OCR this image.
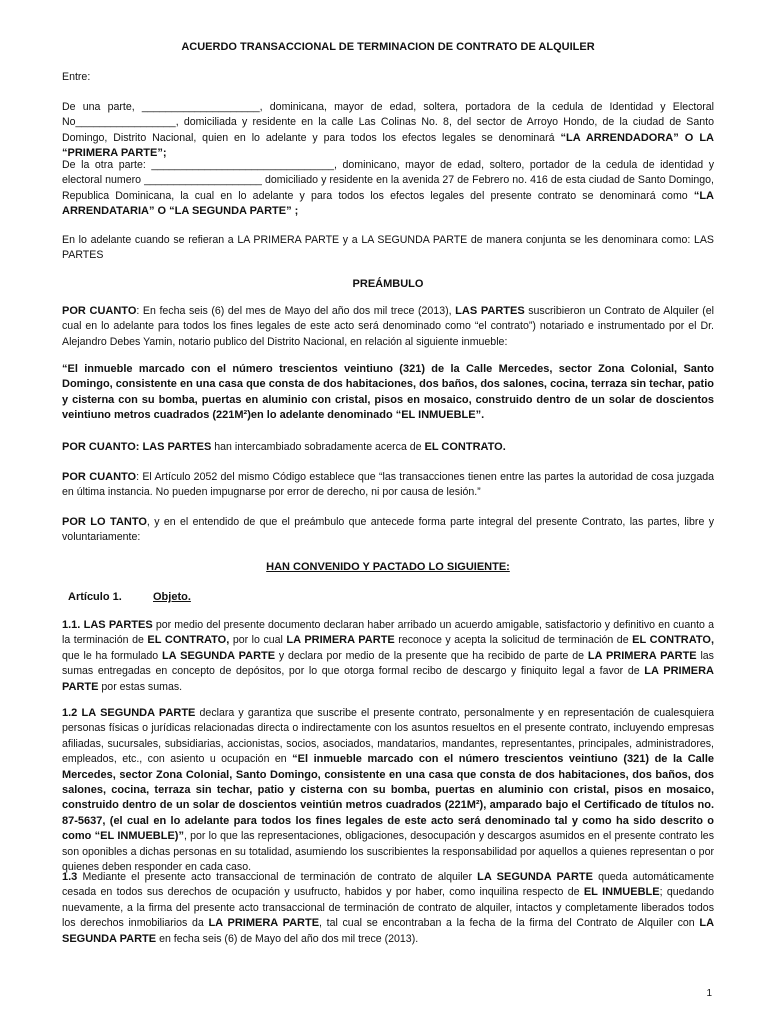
ACUERDO TRANSACCIONAL DE TERMINACION DE CONTRATO DE ALQUILER

Entre:

De una parte, ____________________, dominicana, mayor de edad, soltera, portadora de la cedula de Identidad y Electoral No_________________, domiciliada y residente en la calle Las Colinas No. 8, del sector de Arroyo Hondo, de la ciudad de Santo Domingo, Distrito Nacional, quien en lo adelante y para todos los efectos legales se denominará “LA ARRENDADORA” O LA “PRIMERA PARTE”;

De la otra parte: _______________________________, dominicano, mayor de edad, soltero, portador de la cedula de identidad y electoral numero ____________________ domiciliado y residente en la avenida 27 de Febrero no. 416 de esta ciudad de Santo Domingo, Republica Dominicana, la cual en lo adelante y para todos los efectos legales del presente contrato se denominará como “LA ARRENDATARIA” O “LA SEGUNDA PARTE” ;

En lo adelante cuando se refieran a LA PRIMERA PARTE y a LA SEGUNDA PARTE de manera conjunta se les denominara como: LAS PARTES

PREÁMBULO

POR CUANTO: En fecha seis (6) del mes de Mayo del año dos mil trece (2013), LAS PARTES suscribieron un Contrato de Alquiler (el cual en lo adelante para todos los fines legales de este acto será denominado como “el contrato”) notariado e instrumentado por el Dr. Alejandro Debes Yamin, notario publico del Distrito Nacional, en relación al siguiente inmueble:

“El inmueble marcado con el número trescientos veintiuno (321) de la Calle Mercedes, sector Zona Colonial, Santo Domingo, consistente en una casa que consta de dos habitaciones, dos baños, dos salones, cocina, terraza sin techar, patio y cisterna con su bomba, puertas en aluminio con cristal, pisos en mosaico, construido dentro de un solar de doscientos veintiuno metros cuadrados (221M²)en lo adelante denominado “EL INMUEBLE”.

POR CUANTO: LAS PARTES han intercambiado sobradamente acerca de EL CONTRATO.

POR CUANTO: El Artículo 2052 del mismo Código establece que “las transacciones tienen entre las partes la autoridad de cosa juzgada en última instancia. No pueden impugnarse por error de derecho, ni por causa de lesión.”

POR LO TANTO, y en el entendido de que el preámbulo que antecede forma parte integral del presente Contrato, las partes, libre y voluntariamente:

HAN CONVENIDO Y PACTADO LO SIGUIENTE:

Artículo 1.	Objeto.

1.1. LAS PARTES por medio del presente documento declaran haber arribado un acuerdo amigable, satisfactorio y definitivo en cuanto a la terminación de EL CONTRATO, por lo cual LA PRIMERA PARTE reconoce y acepta la solicitud de terminación de EL CONTRATO, que le ha formulado LA SEGUNDA PARTE y declara por medio de la presente que ha recibido de parte de LA PRIMERA PARTE las sumas entregadas en concepto de depósitos, por lo que otorga formal recibo de descargo y finiquito legal a favor de LA PRIMERA PARTE por estas sumas.

1.2 LA SEGUNDA PARTE declara y garantiza que suscribe el presente contrato, personalmente y en representación de cualesquiera personas físicas o jurídicas relacionadas directa o indirectamente con los asuntos resueltos en el presente contrato, incluyendo empresas afiliadas, sucursales, subsidiarias, accionistas, socios, asociados, mandatarios, mandantes, representantes, principales, administradores, empleados, etc., con asiento u ocupación en “El inmueble marcado con el número trescientos veintiuno (321) de la Calle Mercedes, sector Zona Colonial, Santo Domingo, consistente en una casa que consta de dos habitaciones, dos baños, dos salones, cocina, terraza sin techar, patio y cisterna con su bomba, puertas en aluminio con cristal, pisos en mosaico, construido dentro de un solar de doscientos veintiún metros cuadrados (221M²), amparado bajo el Certificado de títulos no. 87-5637, (el cual en lo adelante para todos los fines legales de este acto será denominado tal y como ha sido descrito o como “EL INMUEBLE)”, por lo que las representaciones, obligaciones, desocupación y descargos asumidos en el presente contrato les son oponibles a dichas personas en su totalidad, asumiendo los suscribientes la responsabilidad por aquellos a quienes representan o por quienes deben responder en cada caso.

1.3 Mediante el presente acto transaccional de terminación de contrato de alquiler LA SEGUNDA PARTE queda automáticamente cesada en todos sus derechos de ocupación y usufructo, habidos y por haber, como inquilina respecto de EL INMUEBLE; quedando nuevamente, a la firma del presente acto transaccional de terminación de contrato de alquiler, intactos y completamente liberados todos los derechos inmobiliarios da LA PRIMERA PARTE, tal cual se encontraban a la fecha de la firma del Contrato de Alquiler con LA SEGUNDA PARTE en fecha seis (6) de Mayo del año dos mil trece (2013).

1
